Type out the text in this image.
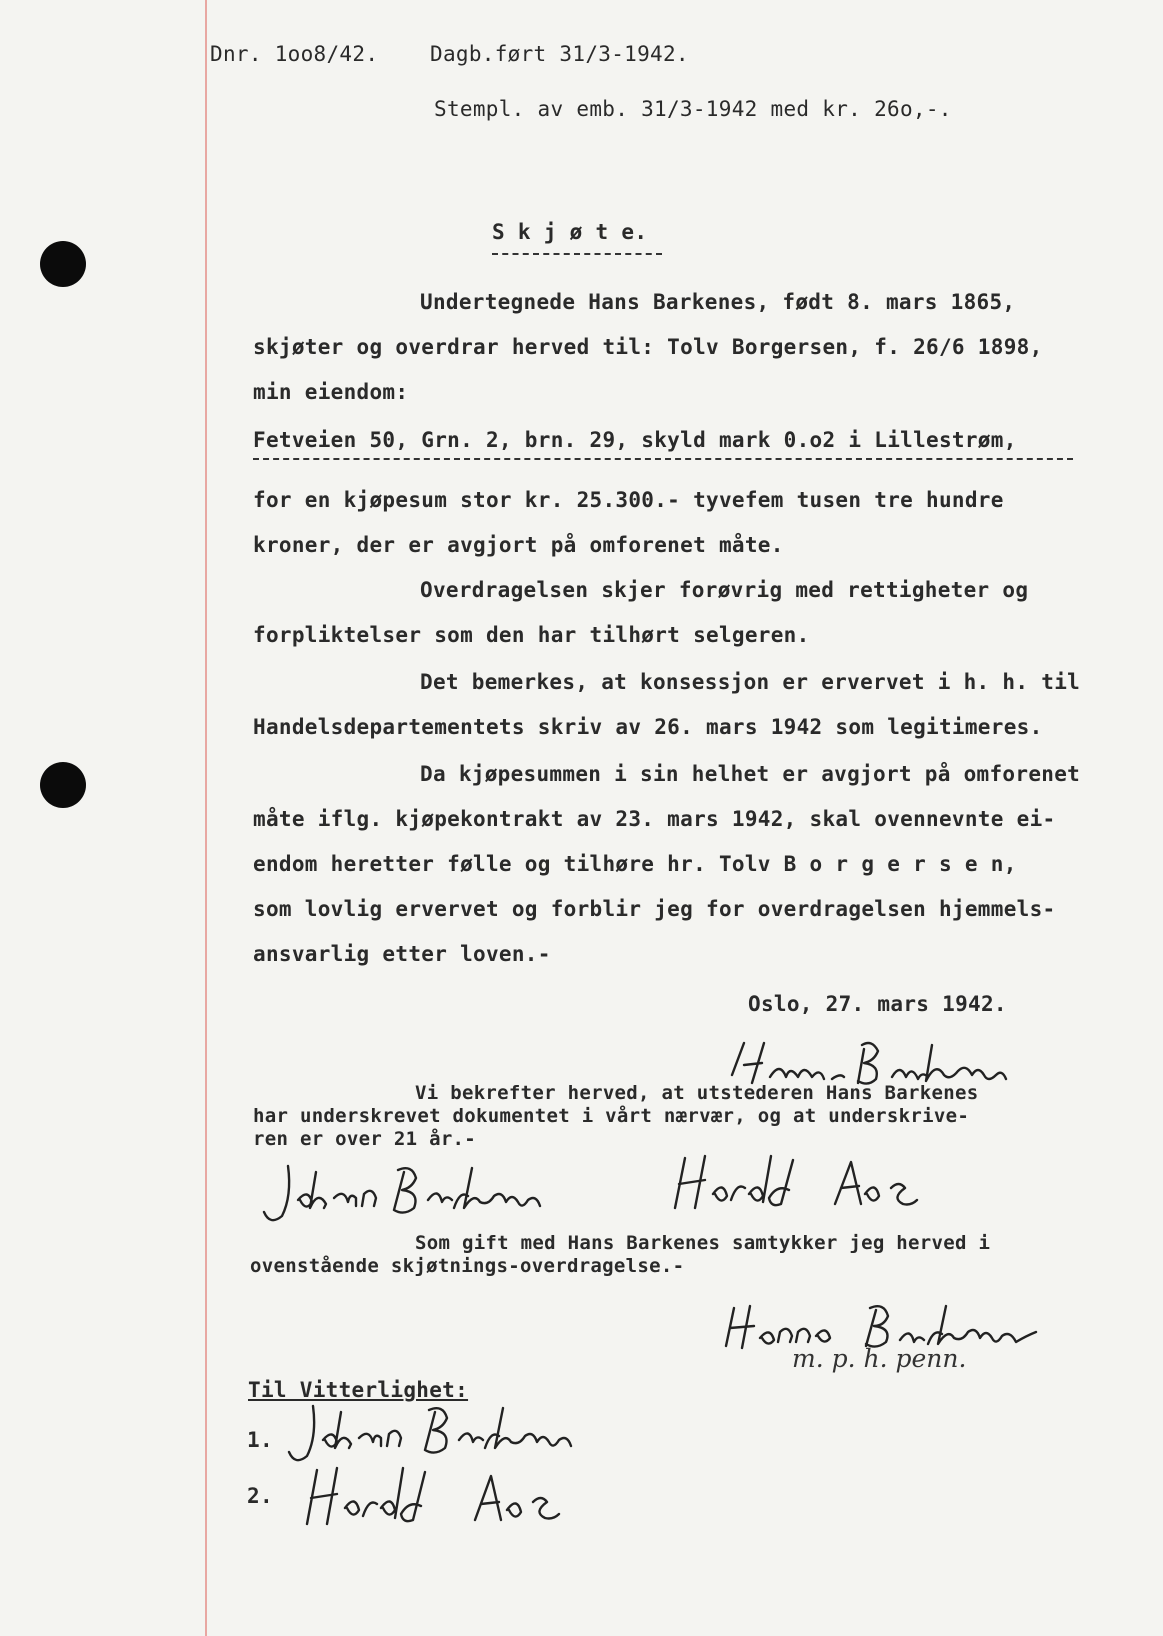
Dnr. 1oo8/42. Dagb.ført 31/3-1942.
Stempl. av emb. 31/3-1942 med kr. 26o,-.
S k j ø t e.
Undertegnede Hans Barkenes, født 8. mars 1865,
skjøter og overdrar herved til: Tolv Borgersen, f. 26/6 1898,
min eiendom:
Fetveien 50, Grn. 2, brn. 29, skyld mark 0.o2 i Lillestrøm,
for en kjøpesum stor kr. 25.300.- tyvefem tusen tre hundre
kroner, der er avgjort på omforenet måte.
Overdragelsen skjer forøvrig med rettigheter og
forpliktelser som den har tilhørt selgeren.
Det bemerkes, at konsessjon er ervervet i h. h. til
Handelsdepartementets skriv av 26. mars 1942 som legitimeres.
Da kjøpesummen i sin helhet er avgjort på omforenet
måte iflg. kjøpekontrakt av 23. mars 1942, skal ovennevnte ei-
endom heretter følle og tilhøre hr. Tolv B o r g e r s e n,
som lovlig ervervet og forblir jeg for overdragelsen hjemmels-
ansvarlig etter loven.-
Oslo, 27. mars 1942.
Vi bekrefter herved, at utstederen Hans Barkenes
har underskrevet dokumentet i vårt nærvær, og at underskrive-
ren er over 21 år.-
Som gift med Hans Barkenes samtykker jeg herved i
ovenstående skjøtnings-overdragelse.-
m. p. h. penn.
Til Vitterlighet:
1.
2.
